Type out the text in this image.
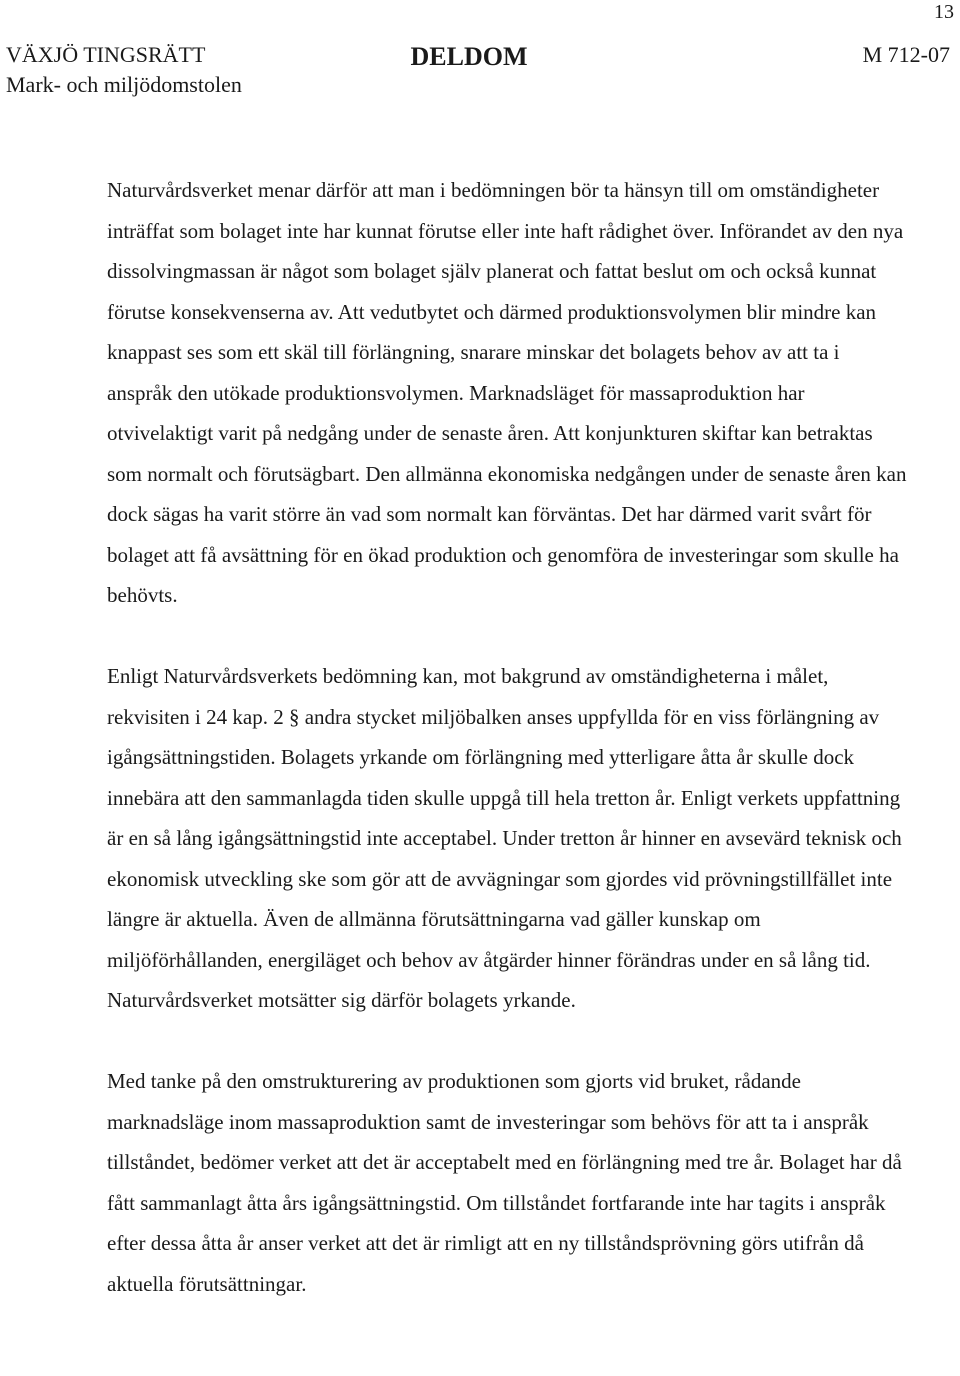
13
VÄXJÖ TINGSRÄTT
Mark- och miljödomstolen
DELDOM	M 712-07

Naturvårdsverket menar därför att man i bedömningen bör ta hänsyn till om omständigheter inträffat som bolaget inte har kunnat förutse eller inte haft rådighet över. Införandet av den nya dissolvingmassan är något som bolaget själv planerat och fattat beslut om och också kunnat förutse konsekvenserna av. Att vedutbytet och därmed produktionsvolymen blir mindre kan knappast ses som ett skäl till förlängning, snarare minskar det bolagets behov av att ta i anspråk den utökade produktionsvolymen. Marknadsläget för massaproduktion har otvivelaktigt varit på nedgång under de senaste åren. Att konjunkturen skiftar kan betraktas som normalt och förutsägbart. Den allmänna ekonomiska nedgången under de senaste åren kan dock sägas ha varit större än vad som normalt kan förväntas. Det har därmed varit svårt för bolaget att få avsättning för en ökad produktion och genomföra de investeringar som skulle ha behövts.

Enligt Naturvårdsverkets bedömning kan, mot bakgrund av omständigheterna i målet, rekvisiten i 24 kap. 2 § andra stycket miljöbalken anses uppfyllda för en viss förlängning av igångsättningstiden. Bolagets yrkande om förlängning med ytterligare åtta år skulle dock innebära att den sammanlagda tiden skulle uppgå till hela tretton år. Enligt verkets uppfattning är en så lång igångsättningstid inte acceptabel. Under tretton år hinner en avsevärd teknisk och ekonomisk utveckling ske som gör att de avvägningar som gjordes vid prövningstillfället inte längre är aktuella. Även de allmänna förutsättningarna vad gäller kunskap om miljöförhållanden, energiläget och behov av åtgärder hinner förändras under en så lång tid. Naturvårdsverket motsätter sig därför bolagets yrkande.

Med tanke på den omstrukturering av produktionen som gjorts vid bruket, rådande marknadsläge inom massaproduktion samt de investeringar som behövs för att ta i anspråk tillståndet, bedömer verket att det är acceptabelt med en förlängning med tre år. Bolaget har då fått sammanlagt åtta års igångsättningstid. Om tillståndet fortfarande inte har tagits i anspråk efter dessa åtta år anser verket att det är rimligt att en ny tillståndsprövning görs utifrån då aktuella förutsättningar.
